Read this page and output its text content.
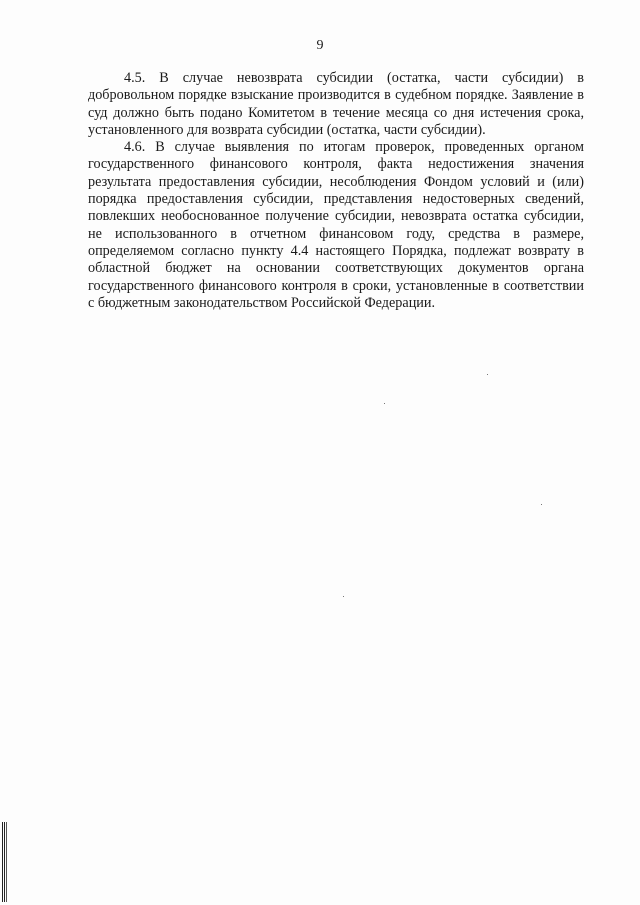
9

4.5. В случае невозврата субсидии (остатка, части субсидии) в добровольном порядке взыскание производится в судебном порядке. Заявление в суд должно быть подано Комитетом в течение месяца со дня истечения срока, установленного для возврата субсидии (остатка, части субсидии).

4.6. В случае выявления по итогам проверок, проведенных органом государственного финансового контроля, факта недостижения значения результата предоставления субсидии, несоблюдения Фондом условий и (или) порядка предоставления субсидии, представления недостоверных сведений, повлекших необоснованное получение субсидии, невозврата остатка субсидии, не использованного в отчетном финансовом году, средства в размере, определяемом согласно пункту 4.4 настоящего Порядка, подлежат возврату в областной бюджет на основании соответствующих документов органа государственного финансового контроля в сроки, установленные в соответствии с бюджетным законодательством Российской Федерации.
